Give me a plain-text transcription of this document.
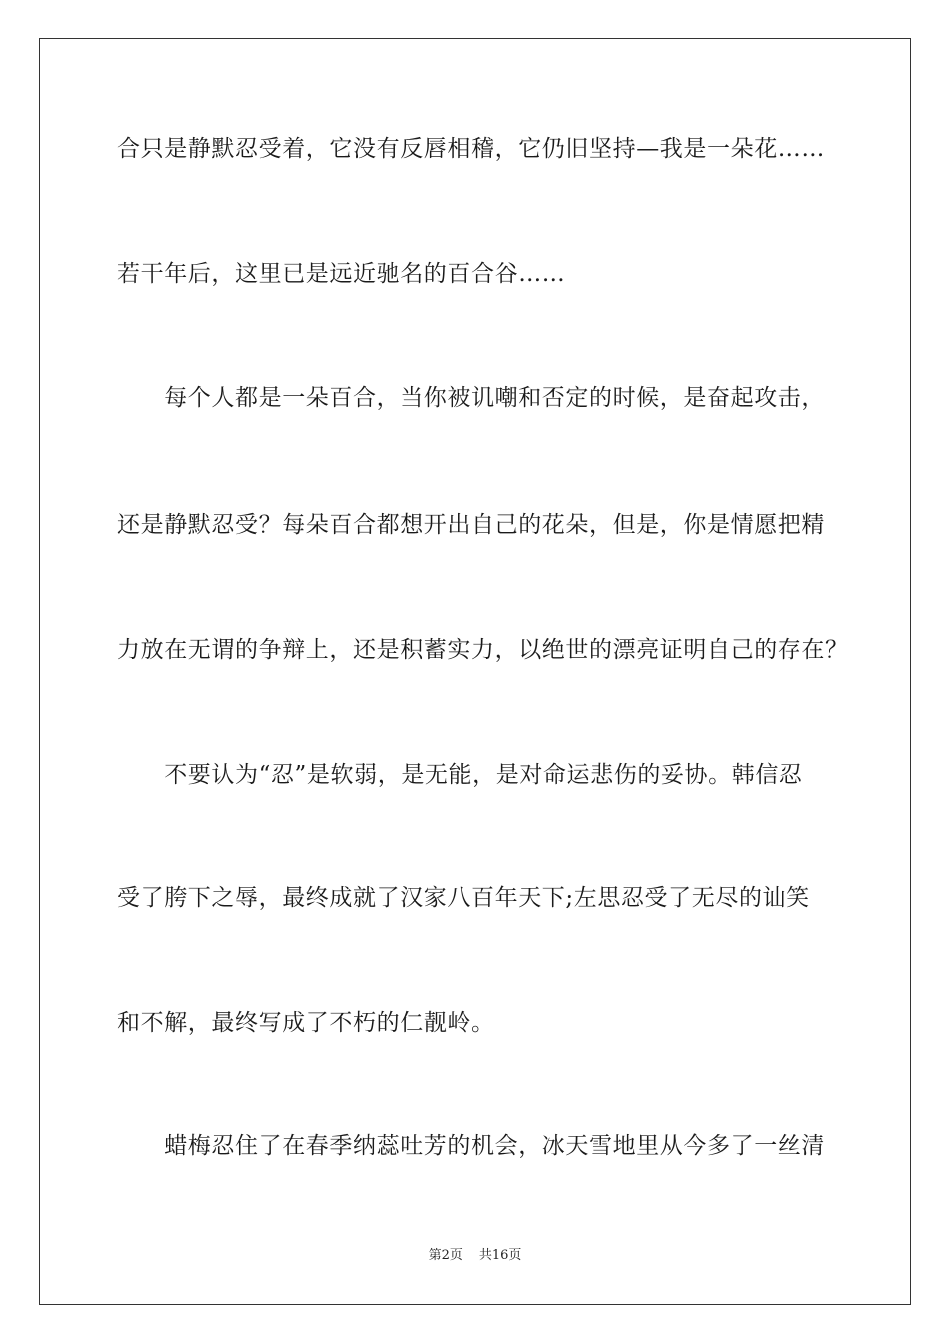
合只是静默忍受着，它没有反唇相稽，它仍旧坚持—我是一朵花……
若干年后，这里已是远近驰名的百合谷……
　　每个人都是一朵百合，当你被讥嘲和否定的时候，是奋起攻击，
还是静默忍受？每朵百合都想开出自己的花朵，但是，你是情愿把精
力放在无谓的争辩上，还是积蓄实力，以绝世的漂亮证明自己的存在？
　　不要认为“忍”是软弱，是无能，是对命运悲伤的妥协。韩信忍
受了胯下之辱，最终成就了汉家八百年天下;左思忍受了无尽的讪笑
和不解，最终写成了不朽的仁靓岭。
　　蜡梅忍住了在春季纳蕊吐芳的机会，冰天雪地里从今多了一丝清
第2页 共16页
